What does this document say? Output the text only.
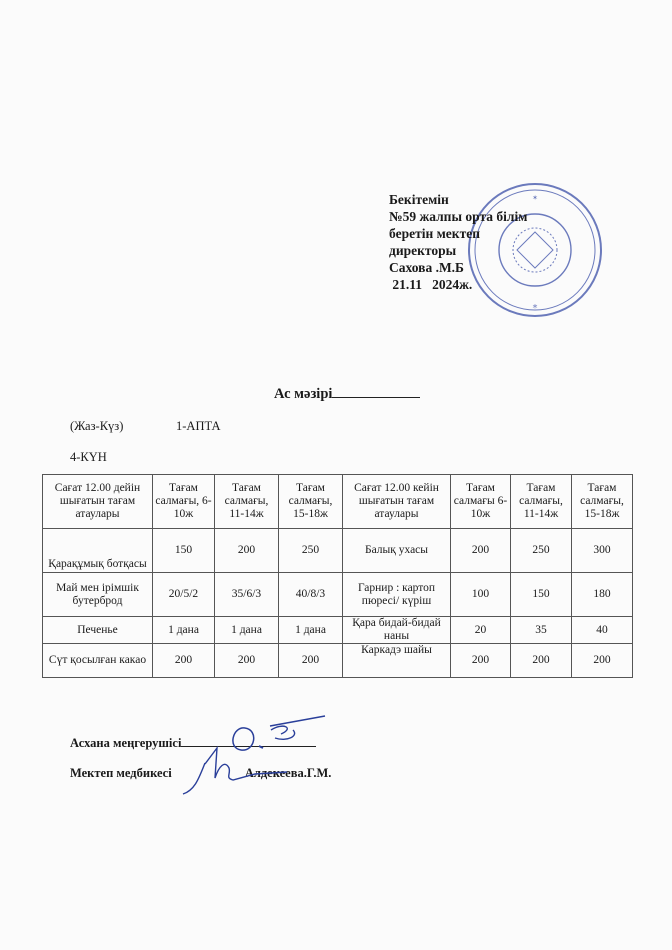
✶
*
Бекітемін
№59 жалпы орта білім
беретін мектеп
директоры
Сахова .М.Б
21.11   2024ж.
Ас мәзірі
(Жаз-Күз)	1-АПТА
4-КҮН
Сағат 12.00 дейін шығатын тағам атаулары	Тағам салмағы, 6-10ж	Тағам салмағы, 11-14ж	Тағам салмағы, 15-18ж	Сағат 12.00 кейін шығатын тағам атаулары	Тағам салмағы 6-10ж	Тағам салмағы, 11-14ж	Тағам салмағы, 15-18ж
Қарақұмық ботқасы	150	200	250	Балық ухасы	200	250	300
Май мен ірімшік бутерброд	20/5/2	35/6/3	40/8/3	Гарнир : картоп пюресі/ күріш	100	150	180
Печенье	1 дана	1 дана	1 дана	Қара бидай-бидай наны	20	35	40
Сүт қосылған какао	200	200	200	Каркадэ шайы	200	200	200
Асхана меңгерушісі
Мектеп медбикесі	Алдекеева.Г.М.
